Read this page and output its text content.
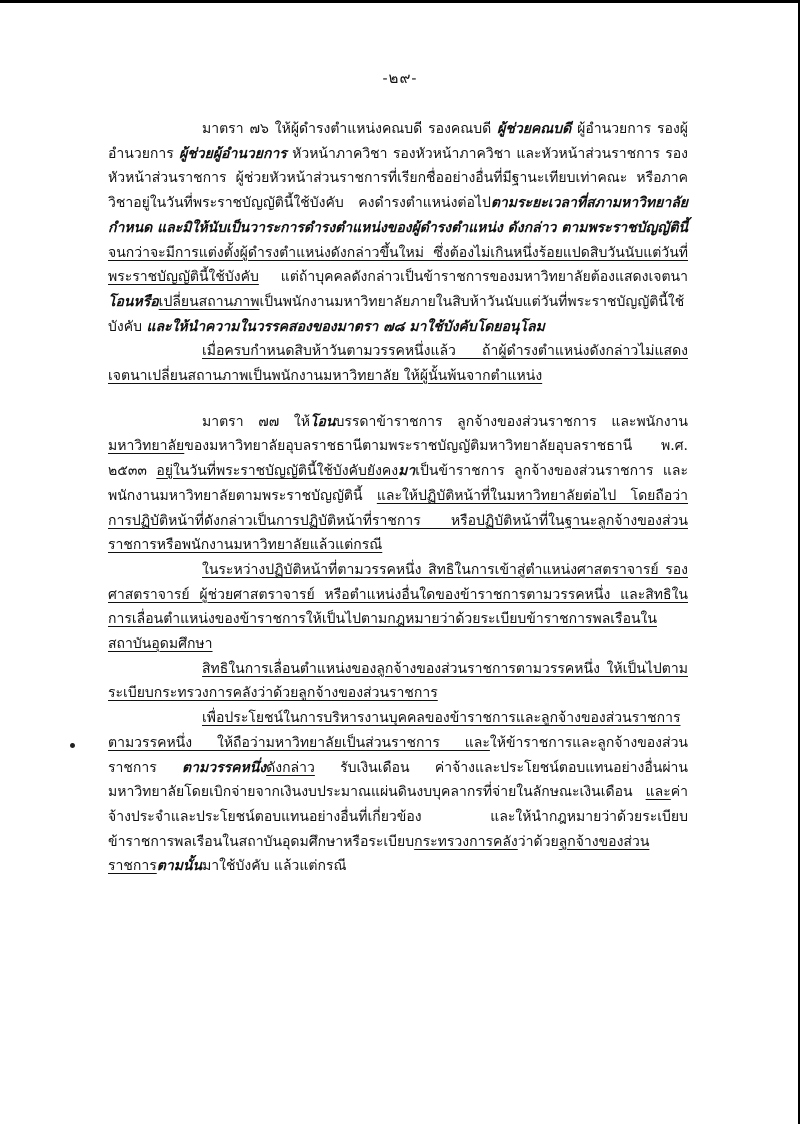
-๒๙-

มาตรา ๗๖ ให้ผู้ดำรงตำแหน่งคณบดี รองคณบดี ผู้ช่วยคณบดี ผู้อำนวยการ รองผู้อำนวยการ ผู้ช่วยผู้อำนวยการ หัวหน้าภาควิชา รองหัวหน้าภาควิชา และหัวหน้าส่วนราชการ รองหัวหน้าส่วนราชการ ผู้ช่วยหัวหน้าส่วนราชการที่เรียกชื่ออย่างอื่นที่มีฐานะเทียบเท่าคณะ หรือภาควิชาอยู่ในวันที่พระราชบัญญัตินี้ใช้บังคับ คงดำรงตำแหน่งต่อไปตามระยะเวลาที่สภามหาวิทยาลัยกำหนด และมิให้นับเป็นวาระการดำรงตำแหน่งของผู้ดำรงตำแหน่ง ดังกล่าว ตามพระราชบัญญัตินี้จนกว่าจะมีการแต่งตั้งผู้ดำรงตำแหน่งดังกล่าวขึ้นใหม่ ซึ่งต้องไม่เกินหนึ่งร้อยแปดสิบวันนับแต่วันที่พระราชบัญญัตินี้ใช้บังคับ แต่ถ้าบุคคลดังกล่าวเป็นข้าราชการของมหาวิทยาลัยต้องแสดงเจตนาโอนหรือเปลี่ยนสถานภาพเป็นพนักงานมหาวิทยาลัยภายในสิบห้าวันนับแต่วันที่พระราชบัญญัตินี้ใช้บังคับ และให้นำความในวรรคสองของมาตรา ๗๘ มาใช้บังคับโดยอนุโลม

เมื่อครบกำหนดสิบห้าวันตามวรรคหนึ่งแล้ว ถ้าผู้ดำรงตำแหน่งดังกล่าวไม่แสดงเจตนาเปลี่ยนสถานภาพเป็นพนักงานมหาวิทยาลัย ให้ผู้นั้นพ้นจากตำแหน่ง

มาตรา ๗๗ ให้โอนบรรดาข้าราชการ ลูกจ้างของส่วนราชการ และพนักงานมหาวิทยาลัยของมหาวิทยาลัยอุบลราชธานีตามพระราชบัญญัติมหาวิทยาลัยอุบลราชธานี พ.ศ. ๒๕๓๓ อยู่ในวันที่พระราชบัญญัตินี้ใช้บังคับยังคงมาเป็นข้าราชการ ลูกจ้างของส่วนราชการ และพนักงานมหาวิทยาลัยตามพระราชบัญญัตินี้ และให้ปฏิบัติหน้าที่ในมหาวิทยาลัยต่อไป โดยถือว่าการปฏิบัติหน้าที่ดังกล่าวเป็นการปฏิบัติหน้าที่ราชการ หรือปฏิบัติหน้าที่ในฐานะลูกจ้างของส่วนราชการหรือพนักงานมหาวิทยาลัยแล้วแต่กรณี

ในระหว่างปฏิบัติหน้าที่ตามวรรคหนึ่ง สิทธิในการเข้าสู่ตำแหน่งศาสตราจารย์ รองศาสตราจารย์ ผู้ช่วยศาสตราจารย์ หรือตำแหน่งอื่นใดของข้าราชการตามวรรคหนึ่ง และสิทธิในการเลื่อนตำแหน่งของข้าราชการให้เป็นไปตามกฎหมายว่าด้วยระเบียบข้าราชการพลเรือนในสถาบันอุดมศึกษา

สิทธิในการเลื่อนตำแหน่งของลูกจ้างของส่วนราชการตามวรรคหนึ่ง ให้เป็นไปตามระเบียบกระทรวงการคลังว่าด้วยลูกจ้างของส่วนราชการ

เพื่อประโยชน์ในการบริหารงานบุคคลของข้าราชการและลูกจ้างของส่วนราชการตามวรรคหนึ่ง ให้ถือว่ามหาวิทยาลัยเป็นส่วนราชการ และให้ข้าราชการและลูกจ้างของส่วนราชการ ตามวรรคหนึ่งดังกล่าว รับเงินเดือน ค่าจ้างและประโยชน์ตอบแทนอย่างอื่นผ่านมหาวิทยาลัยโดยเบิกจ่ายจากเงินงบประมาณแผ่นดินงบบุคลากรที่จ่ายในลักษณะเงินเดือน และค่าจ้างประจำและประโยชน์ตอบแทนอย่างอื่นที่เกี่ยวข้อง และให้นำกฎหมายว่าด้วยระเบียบข้าราชการพลเรือนในสถาบันอุดมศึกษาหรือระเบียบกระทรวงการคลังว่าด้วยลูกจ้างของส่วนราชการตามนั้นมาใช้บังคับ แล้วแต่กรณี
